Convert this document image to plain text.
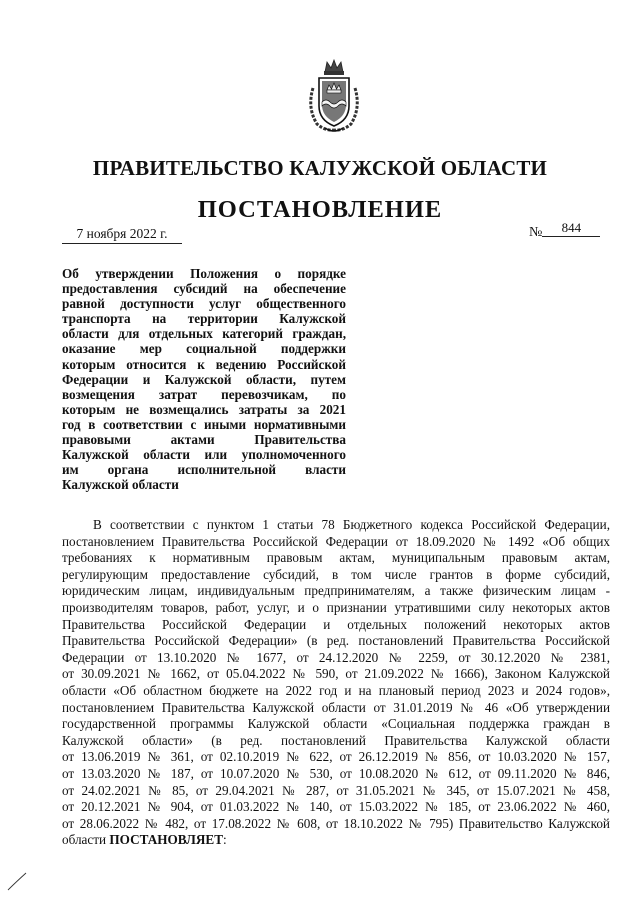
ПРАВИТЕЛЬСТВО КАЛУЖСКОЙ ОБЛАСТИ
ПОСТАНОВЛЕНИЕ
7 ноября 2022 г.	№ 844
Об утверждении Положения о порядке
предоставления субсидий на обеспечение
равной доступности услуг общественного
транспорта на территории Калужской
области для отдельных категорий граждан,
оказание мер социальной поддержки
которым относится к ведению Российской
Федерации и Калужской области, путем
возмещения затрат перевозчикам, по
которым не возмещались затраты за 2021
год в соответствии с иными нормативными
правовыми актами Правительства
Калужской области или уполномоченного
им органа исполнительной власти
Калужской области
В соответствии с пунктом 1 статьи 78 Бюджетного кодекса Российской Федерации,
постановлением Правительства Российской Федерации от 18.09.2020 № 1492 «Об общих
требованиях к нормативным правовым актам, муниципальным правовым актам,
регулирующим предоставление субсидий, в том числе грантов в форме субсидий,
юридическим лицам, индивидуальным предпринимателям, а также физическим лицам -
производителям товаров, работ, услуг, и о признании утратившими силу некоторых актов
Правительства Российской Федерации и отдельных положений некоторых актов
Правительства Российской Федерации» (в ред. постановлений Правительства Российской
Федерации от 13.10.2020 № 1677, от 24.12.2020 № 2259, от 30.12.2020 № 2381,
от 30.09.2021 № 1662, от 05.04.2022 № 590, от 21.09.2022 № 1666), Законом Калужской
области «Об областном бюджете на 2022 год и на плановый период 2023 и 2024 годов»,
постановлением Правительства Калужской области от 31.01.2019 № 46 «Об утверждении
государственной программы Калужской области «Социальная поддержка граждан в
Калужской области» (в ред. постановлений Правительства Калужской области
от 13.06.2019 № 361, от 02.10.2019 № 622, от 26.12.2019 № 856, от 10.03.2020 № 157,
от 13.03.2020 № 187, от 10.07.2020 № 530, от 10.08.2020 № 612, от 09.11.2020 № 846,
от 24.02.2021 № 85, от 29.04.2021 № 287, от 31.05.2021 № 345, от 15.07.2021 № 458,
от 20.12.2021 № 904, от 01.03.2022 № 140, от 15.03.2022 № 185, от 23.06.2022 № 460,
от 28.06.2022 № 482, от 17.08.2022 № 608, от 18.10.2022 № 795) Правительство Калужской
области ПОСТАНОВЛЯЕТ:
